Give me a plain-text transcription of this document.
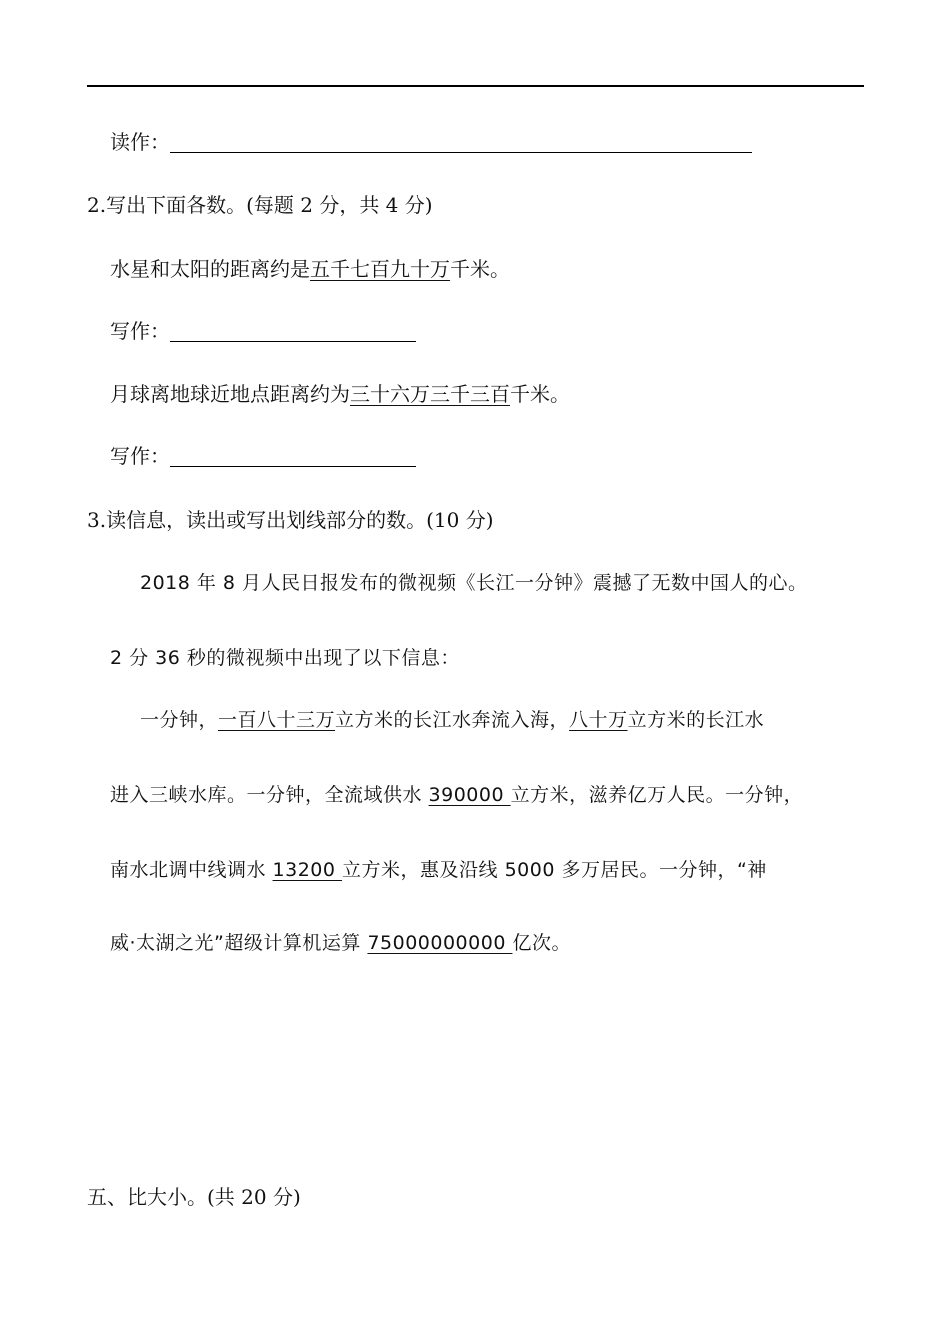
读作：
2.写出下面各数。(每题 2 分，共 4 分)
水星和太阳的距离约是五千七百九十万千米。
写作：
月球离地球近地点距离约为三十六万三千三百千米。
写作：
3.读信息，读出或写出划线部分的数。(10 分)
2018 年 8 月人民日报发布的微视频《长江一分钟》震撼了无数中国人的心。
2 分 36 秒的微视频中出现了以下信息：
一分钟，一百八十三万立方米的长江水奔流入海，八十万立方米的长江水
进入三峡水库。一分钟，全流域供水 390000 立方米，滋养亿万人民。一分钟，
南水北调中线调水 13200 立方米，惠及沿线 5000 多万居民。一分钟，“神
威·太湖之光”超级计算机运算 75000000000 亿次。
五、比大小。(共 20 分)
